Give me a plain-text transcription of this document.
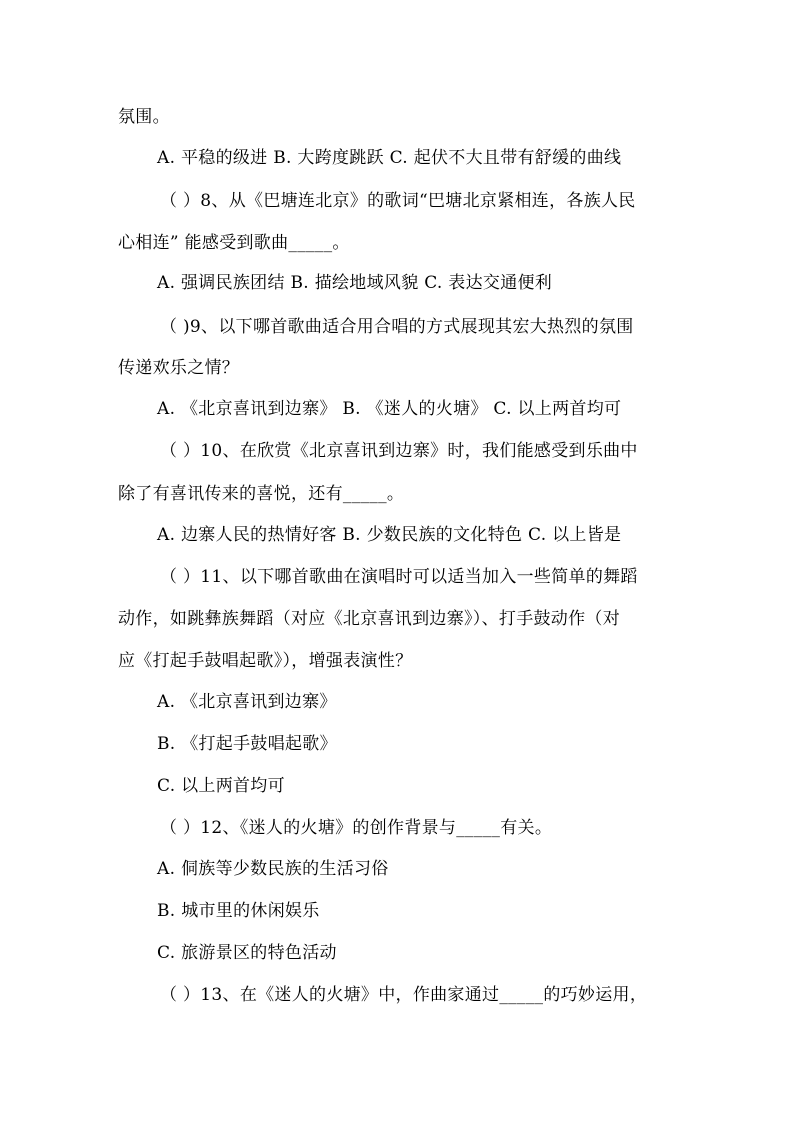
氛围。
A. 平稳的级进 B. 大跨度跳跃 C. 起伏不大且带有舒缓的曲线
（ ）8、从《巴塘连北京》的歌词“巴塘北京紧相连，各族人民
心相连” 能感受到歌曲_____。
A. 强调民族团结 B. 描绘地域风貌 C. 表达交通便利
（ )9、以下哪首歌曲适合用合唱的方式展现其宏大热烈的氛围
传递欢乐之情？
A. 《北京喜讯到边寨》 B. 《迷人的火塘》 C. 以上两首均可
（ ）10、在欣赏《北京喜讯到边寨》时，我们能感受到乐曲中
除了有喜讯传来的喜悦，还有_____。
A. 边寨人民的热情好客 B. 少数民族的文化特色 C. 以上皆是
（ ）11、以下哪首歌曲在演唱时可以适当加入一些简单的舞蹈
动作，如跳彝族舞蹈（对应《北京喜讯到边寨》）、打手鼓动作（对
应《打起手鼓唱起歌》），增强表演性？
A. 《北京喜讯到边寨》
B. 《打起手鼓唱起歌》
C. 以上两首均可
（ ）12、《迷人的火塘》的创作背景与_____有关。
A. 侗族等少数民族的生活习俗
B. 城市里的休闲娱乐
C. 旅游景区的特色活动
（ ）13、在《迷人的火塘》中，作曲家通过_____的巧妙运用，
